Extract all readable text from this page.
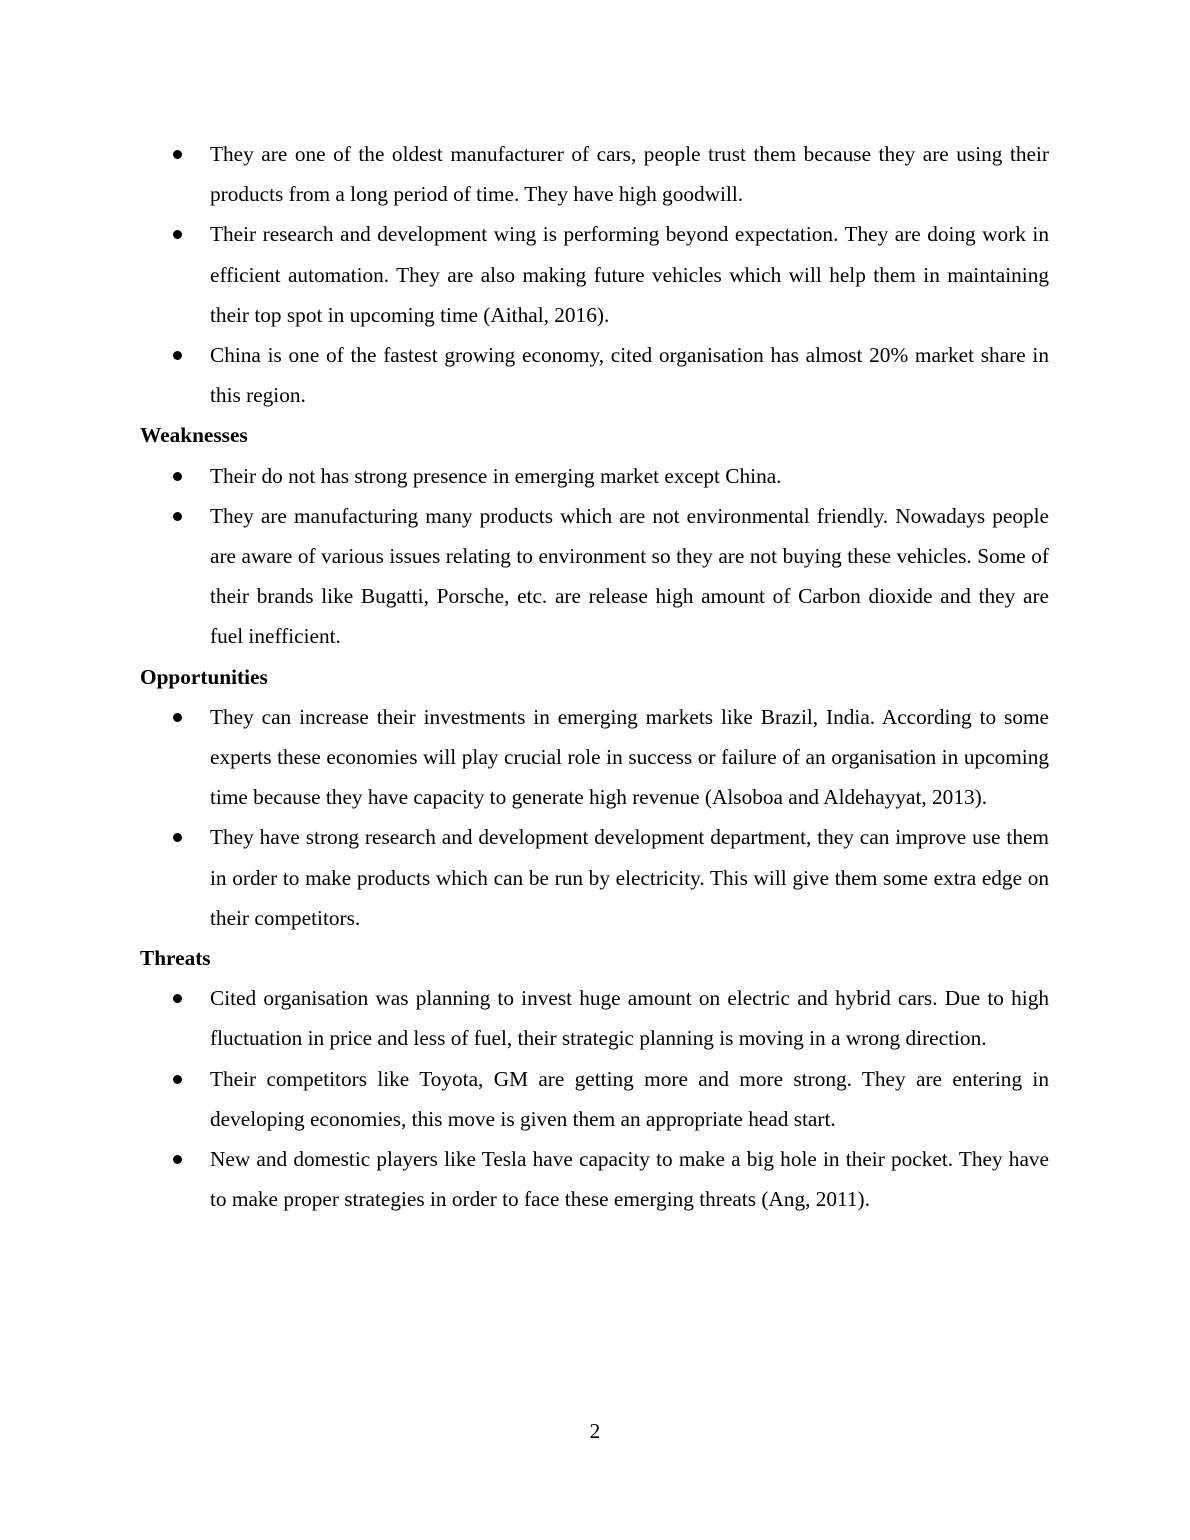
They are one of the oldest manufacturer of cars, people trust them because they are using their products from a long period of time. They have high goodwill.
Their research and development wing is performing beyond expectation. They are doing work in efficient automation. They are also making future vehicles which will help them in maintaining their top spot in upcoming time (Aithal, 2016).
China is one of the fastest growing economy, cited organisation has almost 20% market share in this region.

Weaknesses

Their do not has strong presence in emerging market except China.
They are manufacturing many products which are not environmental friendly. Nowadays people are aware of various issues relating to environment so they are not buying these vehicles. Some of their brands like Bugatti, Porsche, etc. are release high amount of Carbon dioxide and they are fuel inefficient.

Opportunities

They can increase their investments in emerging markets like Brazil, India. According to some experts these economies will play crucial role in success or failure of an organisation in upcoming time because they have capacity to generate high revenue (Alsoboa and Aldehayyat, 2013).
They have strong research and development development department, they can improve use them in order to make products which can be run by electricity. This will give them some extra edge on their competitors.

Threats

Cited organisation was planning to invest huge amount on electric and hybrid cars. Due to high fluctuation in price and less of fuel, their strategic planning is moving in a wrong direction.
Their competitors like Toyota, GM are getting more and more strong. They are entering in developing economies, this move is given them an appropriate head start.
New and domestic players like Tesla have capacity to make a big hole in their pocket. They have to make proper strategies in order to face these emerging threats (Ang, 2011).
2
